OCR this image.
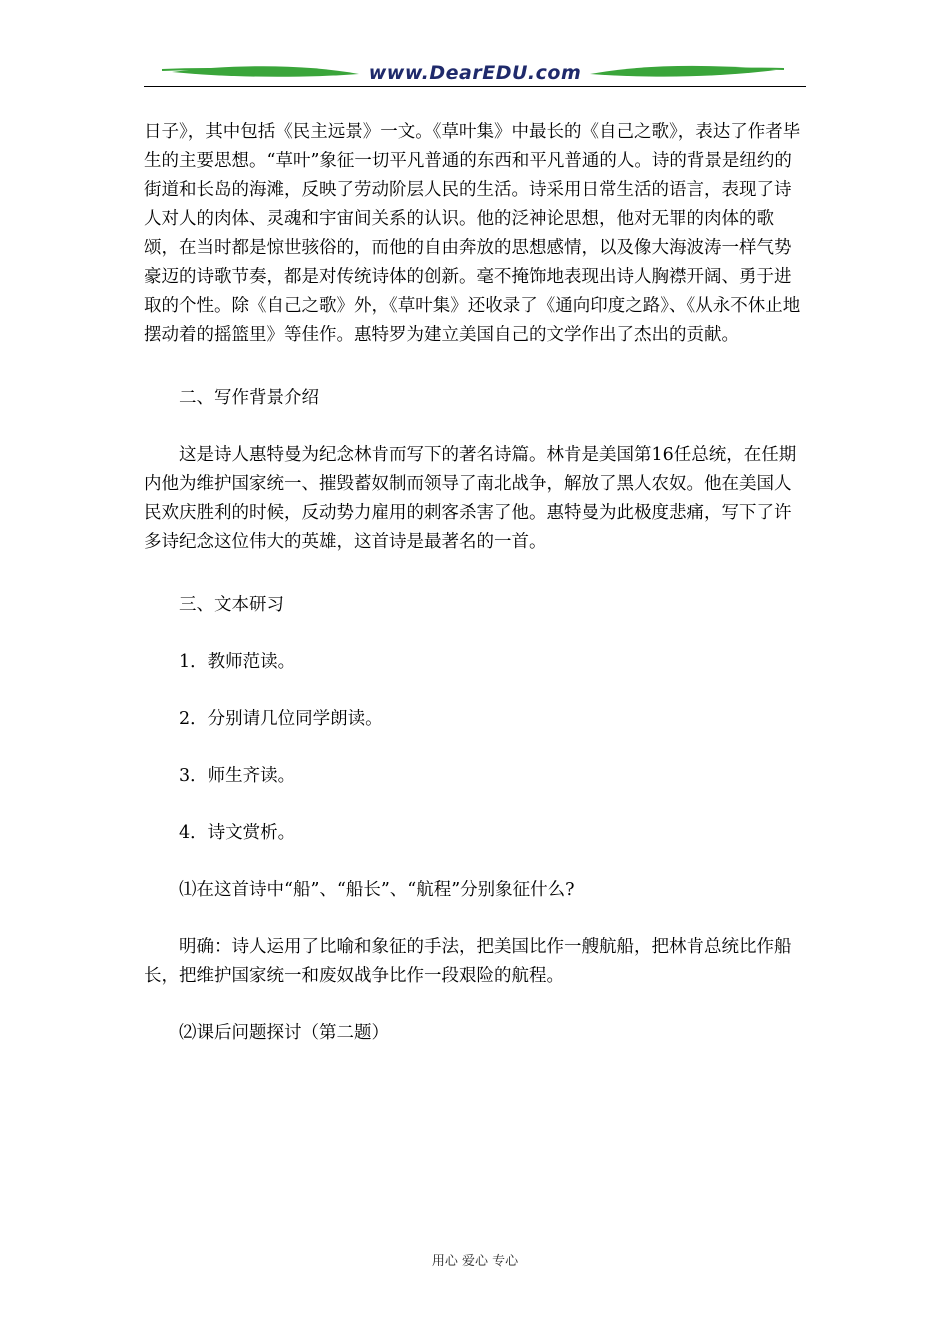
www.DearEDU.com

日子》，其中包括《民主远景》一文。《草叶集》中最长的《自己之歌》，表达了作者毕生的主要思想。“草叶”象征一切平凡普通的东西和平凡普通的人。诗的背景是纽约的街道和长岛的海滩，反映了劳动阶层人民的生活。诗采用日常生活的语言，表现了诗人对人的肉体、灵魂和宇宙间关系的认识。他的泛神论思想，他对无罪的肉体的歌颂，在当时都是惊世骇俗的，而他的自由奔放的思想感情，以及像大海波涛一样气势豪迈的诗歌节奏，都是对传统诗体的创新。毫不掩饰地表现出诗人胸襟开阔、勇于进取的个性。除《自己之歌》外，《草叶集》还收录了《通向印度之路》、《从永不休止地摆动着的摇篮里》等佳作。惠特罗为建立美国自己的文学作出了杰出的贡献。

二、写作背景介绍

这是诗人惠特曼为纪念林肯而写下的著名诗篇。林肯是美国第16任总统，在任期内他为维护国家统一、摧毁蓄奴制而领导了南北战争，解放了黑人农奴。他在美国人民欢庆胜利的时候，反动势力雇用的刺客杀害了他。惠特曼为此极度悲痛，写下了许多诗纪念这位伟大的英雄，这首诗是最著名的一首。

三、文本研习

1．教师范读。

2．分别请几位同学朗读。

3．师生齐读。

4．诗文赏析。

⑴在这首诗中“船”、“船长”、“航程”分别象征什么?

明确：诗人运用了比喻和象征的手法，把美国比作一艘航船，把林肯总统比作船长，把维护国家统一和废奴战争比作一段艰险的航程。

⑵课后问题探讨（第二题）

用心 爱心 专心
